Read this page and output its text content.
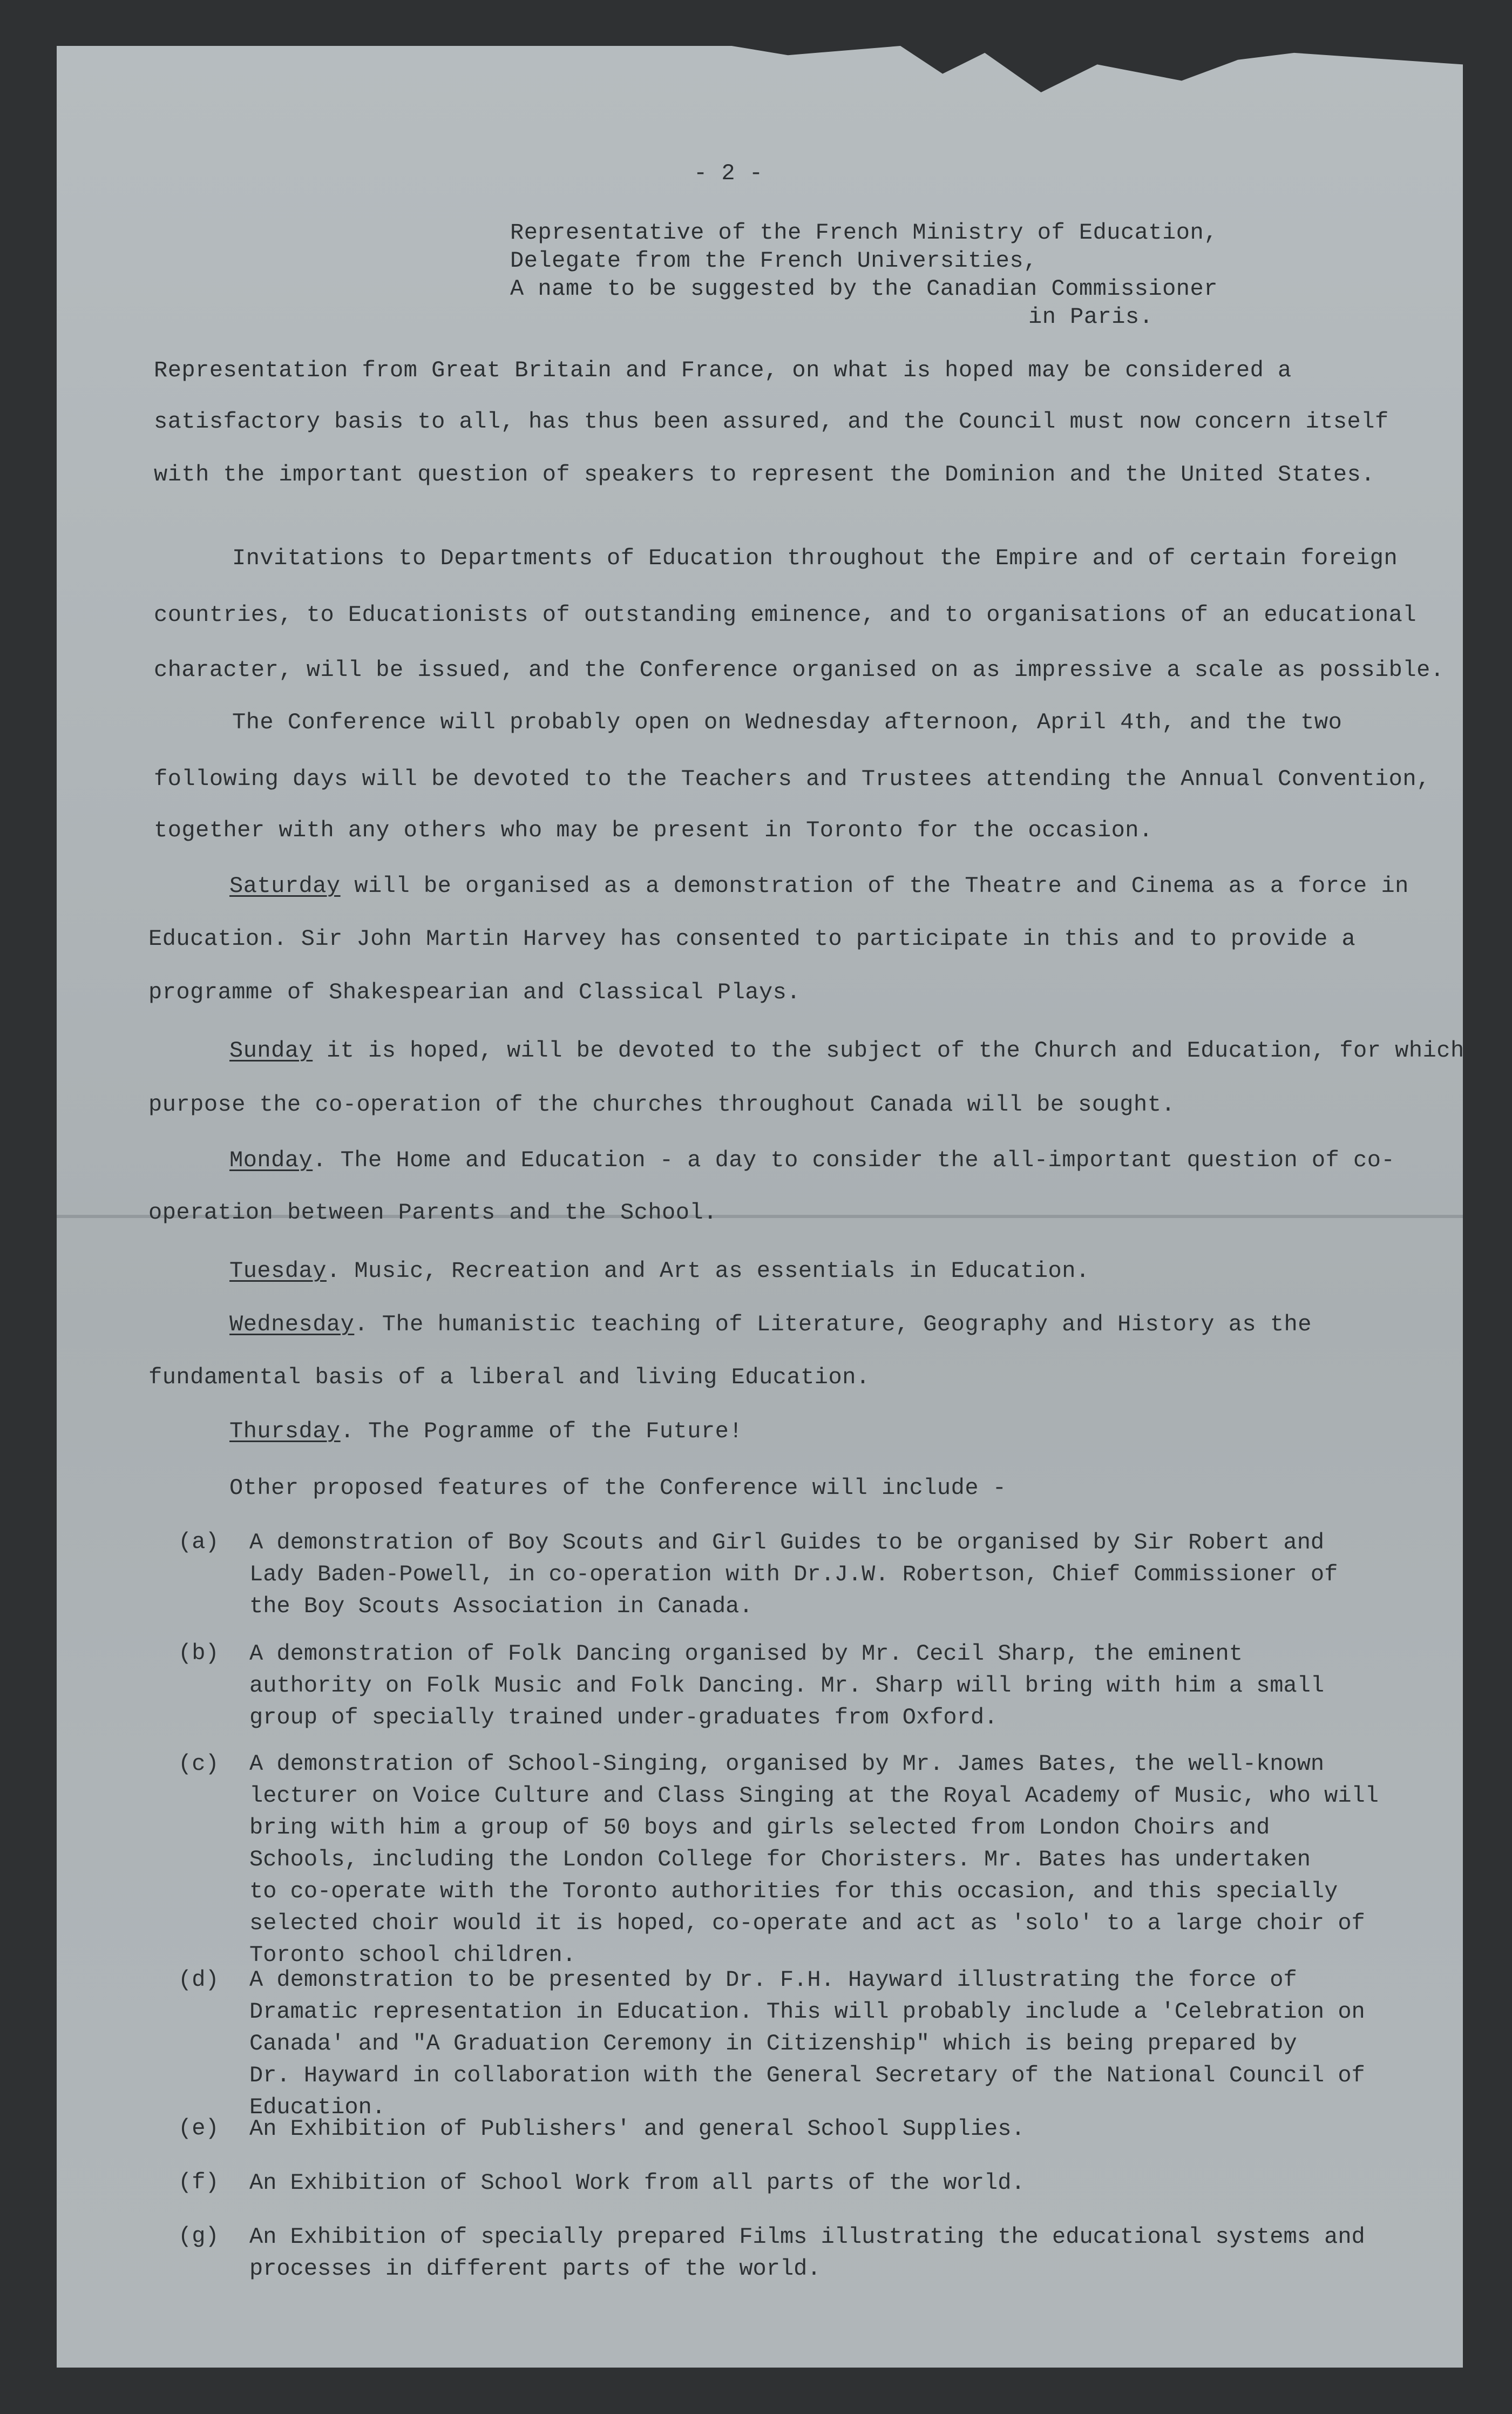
- 2 -

Representative of the French Ministry of Education,

Delegate from the French Universities,

A name to be suggested by the Canadian Commissioner

in Paris.

Representation from Great Britain and France, on what is hoped may be considered a

satisfactory basis to all, has thus been assured, and the Council must now concern itself

with the important question of speakers to represent the Dominion and the United States.

Invitations to Departments of Education throughout the Empire and of certain foreign

countries, to Educationists of outstanding eminence, and to organisations of an educational

character, will be issued, and the Conference organised on as impressive a scale as possible.

The Conference will probably open on Wednesday afternoon, April 4th, and the two

following days will be devoted to the Teachers and Trustees attending the Annual Convention,

together with any others who may be present in Toronto for the occasion.

Saturday will be organised as a demonstration of the Theatre and Cinema as a force in

Education. Sir John Martin Harvey has consented to participate in this and to provide a

programme of Shakespearian and Classical Plays.

Sunday it is hoped, will be devoted to the subject of the Church and Education, for which

purpose the co-operation of the churches throughout Canada will be sought.

Monday. The Home and Education - a day to consider the all-important question of co-

operation between Parents and the School.

Tuesday. Music, Recreation and Art as essentials in Education.

Wednesday. The humanistic teaching of Literature, Geography and History as the

fundamental basis of a liberal and living Education.

Thursday. The Pogramme of the Future!

Other proposed features of the Conference will include -

(a) A demonstration of Boy Scouts and Girl Guides to be organised by Sir Robert and
Lady Baden-Powell, in co-operation with Dr.J.W. Robertson, Chief Commissioner of
the Boy Scouts Association in Canada.
(b) A demonstration of Folk Dancing organised by Mr. Cecil Sharp, the eminent
authority on Folk Music and Folk Dancing. Mr. Sharp will bring with him a small
group of specially trained under-graduates from Oxford.
(c) A demonstration of School-Singing, organised by Mr. James Bates, the well-known
lecturer on Voice Culture and Class Singing at the Royal Academy of Music, who will
bring with him a group of 50 boys and girls selected from London Choirs and
Schools, including the London College for Choristers. Mr. Bates has undertaken
to co-operate with the Toronto authorities for this occasion, and this specially
selected choir would it is hoped, co-operate and act as 'solo' to a large choir of
Toronto school children.
(d) A demonstration to be presented by Dr. F.H. Hayward illustrating the force of
Dramatic representation in Education. This will probably include a 'Celebration on
Canada' and "A Graduation Ceremony in Citizenship" which is being prepared by
Dr. Hayward in collaboration with the General Secretary of the National Council of
Education.
(e) An Exhibition of Publishers' and general School Supplies.
(f) An Exhibition of School Work from all parts of the world.
(g) An Exhibition of specially prepared Films illustrating the educational systems and
processes in different parts of the world.
